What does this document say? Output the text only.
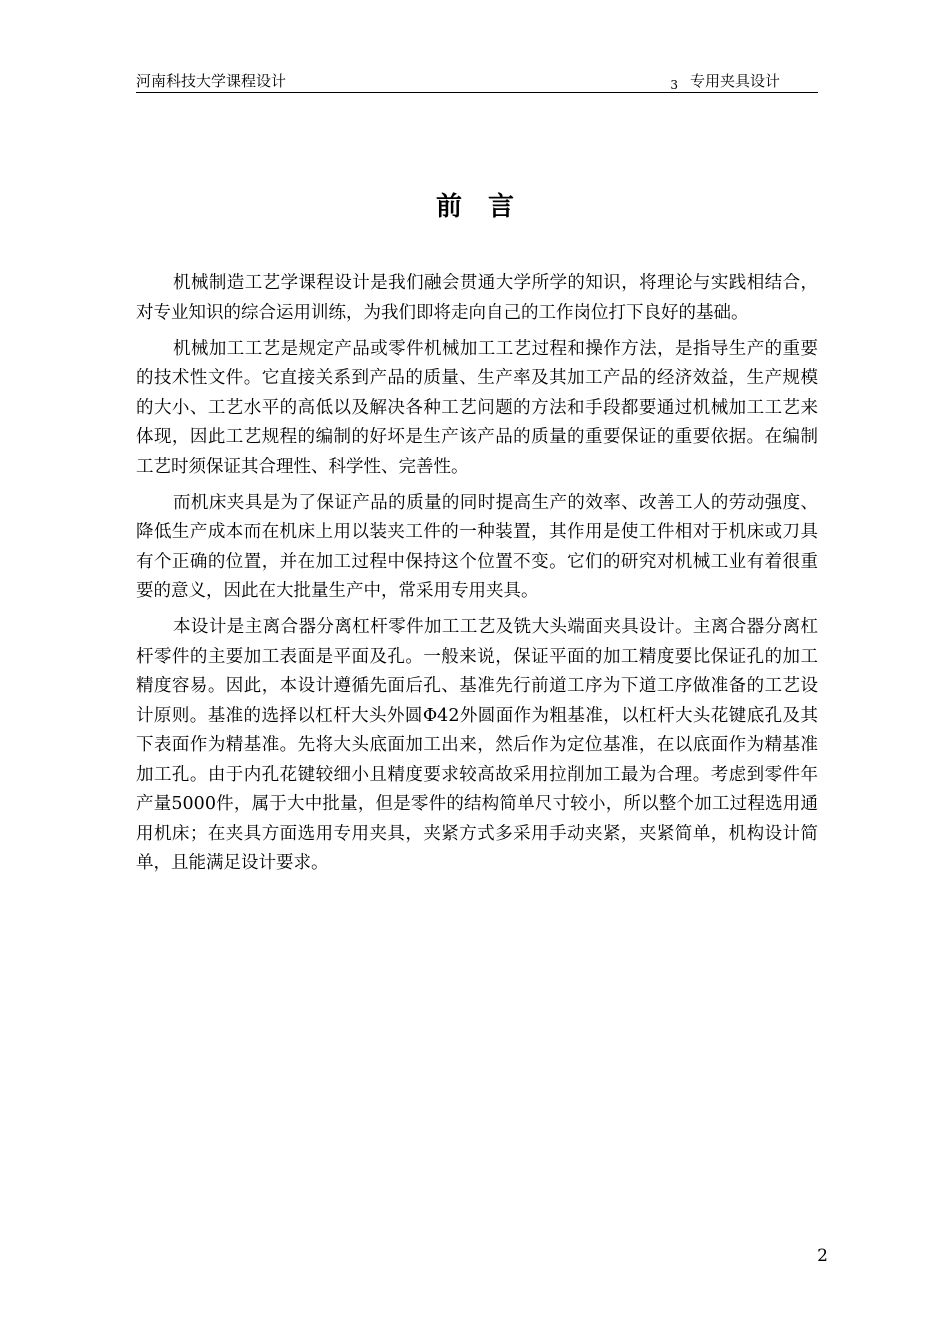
河南科技大学课程设计	3 专用夹具设计
前言

机械制造工艺学课程设计是我们融会贯通大学所学的知识，将理论与实践相结合，对专业知识的综合运用训练，为我们即将走向自己的工作岗位打下良好的基础。

机械加工工艺是规定产品或零件机械加工工艺过程和操作方法，是指导生产的重要的技术性文件。它直接关系到产品的质量、生产率及其加工产品的经济效益，生产规模的大小、工艺水平的高低以及解决各种工艺问题的方法和手段都要通过机械加工工艺来体现，因此工艺规程的编制的好坏是生产该产品的质量的重要保证的重要依据。在编制工艺时须保证其合理性、科学性、完善性。

而机床夹具是为了保证产品的质量的同时提高生产的效率、改善工人的劳动强度、降低生产成本而在机床上用以装夹工件的一种装置，其作用是使工件相对于机床或刀具有个正确的位置，并在加工过程中保持这个位置不变。它们的研究对机械工业有着很重要的意义，因此在大批量生产中，常采用专用夹具。

本设计是主离合器分离杠杆零件加工工艺及铣大头端面夹具设计。主离合器分离杠杆零件的主要加工表面是平面及孔。一般来说，保证平面的加工精度要比保证孔的加工精度容易。因此，本设计遵循先面后孔、基准先行前道工序为下道工序做准备的工艺设计原则。基准的选择以杠杆大头外圆Φ42外圆面作为粗基准，以杠杆大头花键底孔及其下表面作为精基准。先将大头底面加工出来，然后作为定位基准，在以底面作为精基准加工孔。由于内孔花键较细小且精度要求较高故采用拉削加工最为合理。考虑到零件年产量5000件，属于大中批量，但是零件的结构简单尺寸较小，所以整个加工过程选用通用机床；在夹具方面选用专用夹具，夹紧方式多采用手动夹紧，夹紧简单，机构设计简单，且能满足设计要求。

2
